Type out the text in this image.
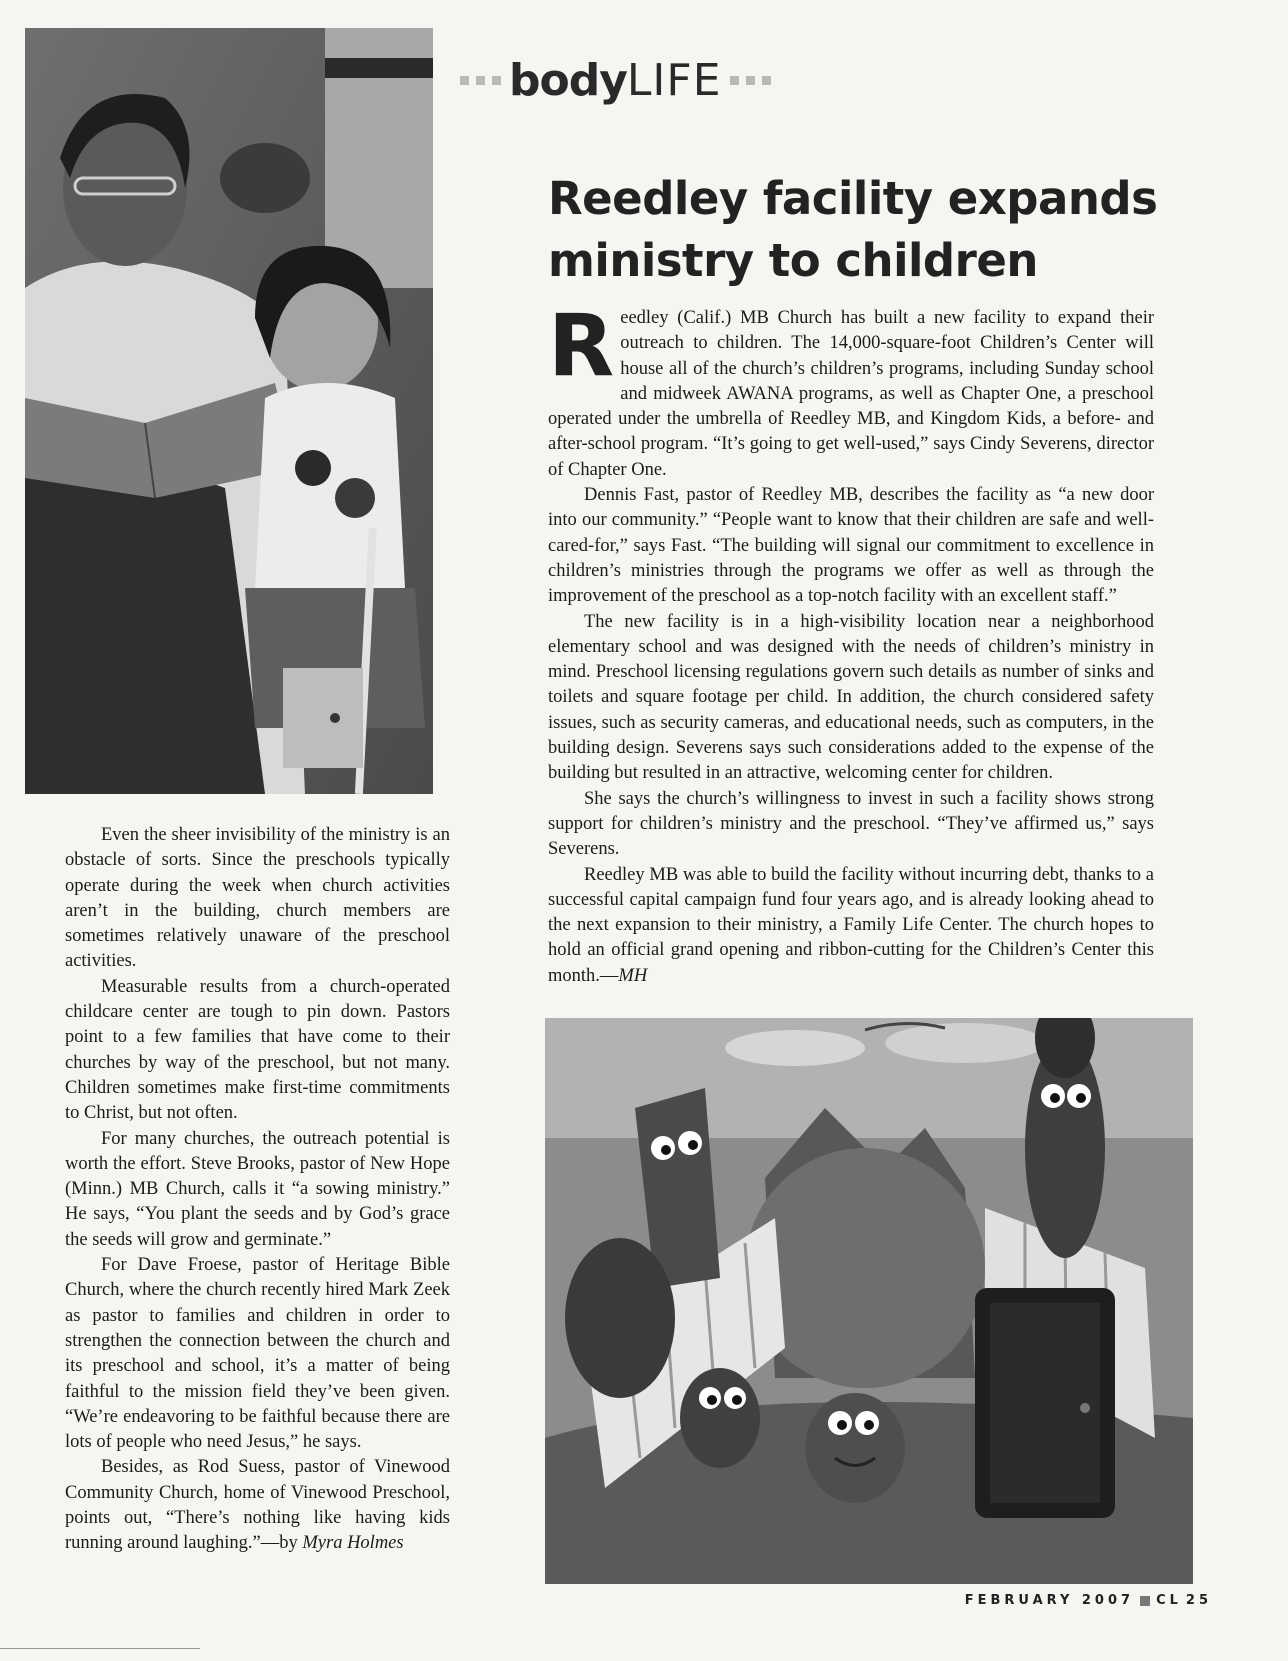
body LIFE
Reedley facility expands ministry to children

Reedley (Calif.) MB Church has built a new facility to expand their outreach to children. The 14,000-square-foot Children’s Center will house all of the church’s children’s programs, including Sunday school and midweek AWANA programs, as well as Chapter One, a preschool operated under the umbrella of Reedley MB, and Kingdom Kids, a before- and after-school program. “It’s going to get well-used,” says Cindy Severens, director of Chapter One.

Dennis Fast, pastor of Reedley MB, describes the facility as “a new door into our community.” “People want to know that their children are safe and well-cared-for,” says Fast. “The building will signal our commitment to excellence in children’s ministries through the programs we offer as well as through the improvement of the preschool as a top-notch facility with an excellent staff.”

The new facility is in a high-visibility location near a neighborhood elementary school and was designed with the needs of children’s ministry in mind. Preschool licensing regulations govern such details as number of sinks and toilets and square footage per child. In addition, the church considered safety issues, such as security cameras, and educational needs, such as computers, in the building design. Severens says such considerations added to the expense of the building but resulted in an attractive, welcoming center for children.

She says the church’s willingness to invest in such a facility shows strong support for children’s ministry and the preschool. “They’ve affirmed us,” says Severens.

Reedley MB was able to build the facility without incurring debt, thanks to a successful capital campaign fund four years ago, and is already looking ahead to the next expansion to their ministry, a Family Life Center. The church hopes to hold an official grand opening and ribbon-cutting for the Children’s Center this month.—MH

Even the sheer invisibility of the ministry is an obstacle of sorts. Since the preschools typically operate during the week when church activities aren’t in the building, church members are sometimes relatively unaware of the preschool activities.

Measurable results from a church-operated childcare center are tough to pin down. Pastors point to a few families that have come to their churches by way of the preschool, but not many. Children sometimes make first-time commitments to Christ, but not often.

For many churches, the outreach potential is worth the effort. Steve Brooks, pastor of New Hope (Minn.) MB Church, calls it “a sowing ministry.” He says, “You plant the seeds and by God’s grace the seeds will grow and germinate.”

For Dave Froese, pastor of Heritage Bible Church, where the church recently hired Mark Zeek as pastor to families and children in order to strengthen the connection between the church and its preschool and school, it’s a matter of being faithful to the mission field they’ve been given. “We’re endeavoring to be faithful because there are lots of people who need Jesus,” he says.

Besides, as Rod Suess, pastor of Vinewood Community Church, home of Vinewood Preschool, points out, “There’s nothing like having kids running around laughing.”—by Myra Holmes

FEBRUARY 2007 CL 25
